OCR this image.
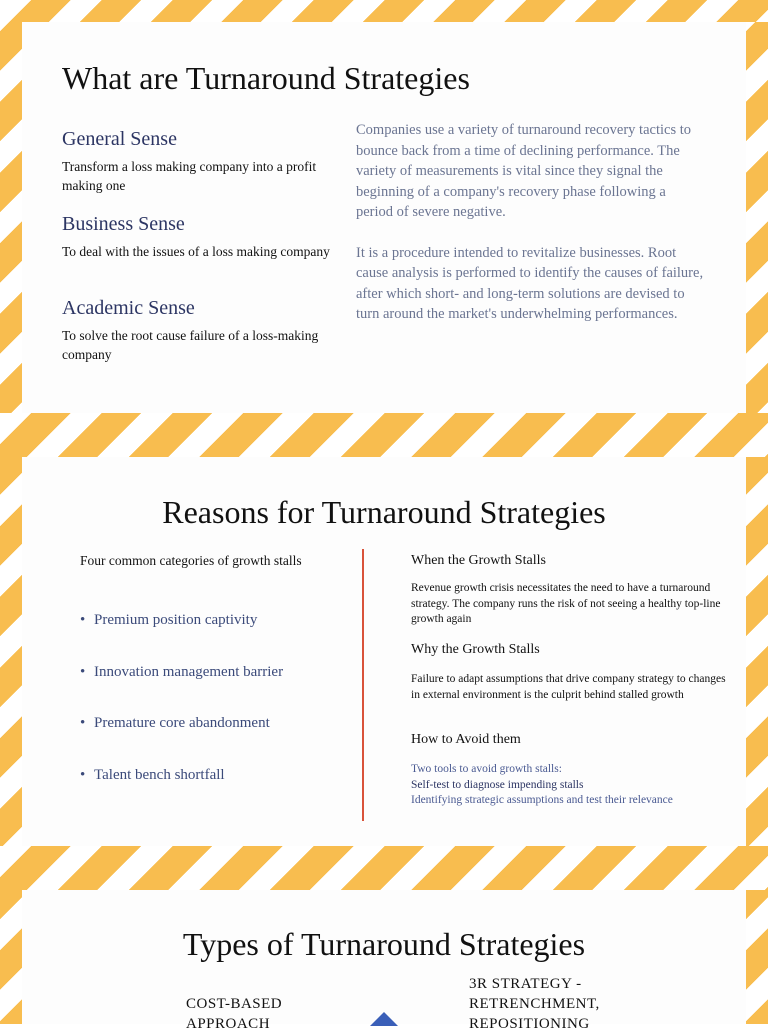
What are Turnaround Strategies
General Sense

Transform a loss making company into a profit making one

Business Sense

To deal with the issues of a loss making company

Academic Sense

To solve the root cause failure of a loss-making company

Companies use a variety of turnaround recovery tactics to bounce back from a time of declining performance. The variety of measurements is vital since they signal the beginning of a company's recovery phase following a period of severe negative.

It is a procedure intended to revitalize businesses. Root cause analysis is performed to identify the causes of failure, after which short- and long-term solutions are devised to turn around the market's underwhelming performances.

Reasons for Turnaround Strategies
Four common categories of growth stalls
• Premium position captivity
• Innovation management barrier
• Premature core abandonment
• Talent bench shortfall
When the Growth Stalls

Revenue growth crisis necessitates the need to have a turnaround strategy. The company runs the risk of not seeing a healthy top-line growth again

Why the Growth Stalls

Failure to adapt assumptions that drive company strategy to changes in external environment is the culprit behind stalled growth

How to Avoid them

Two tools to avoid growth stalls:

Self-test to diagnose impending stalls

Identifying strategic assumptions and test their relevance

Types of Turnaround Strategies
COST-BASED APPROACH
3R STRATEGY - RETRENCHMENT, REPOSITIONING
